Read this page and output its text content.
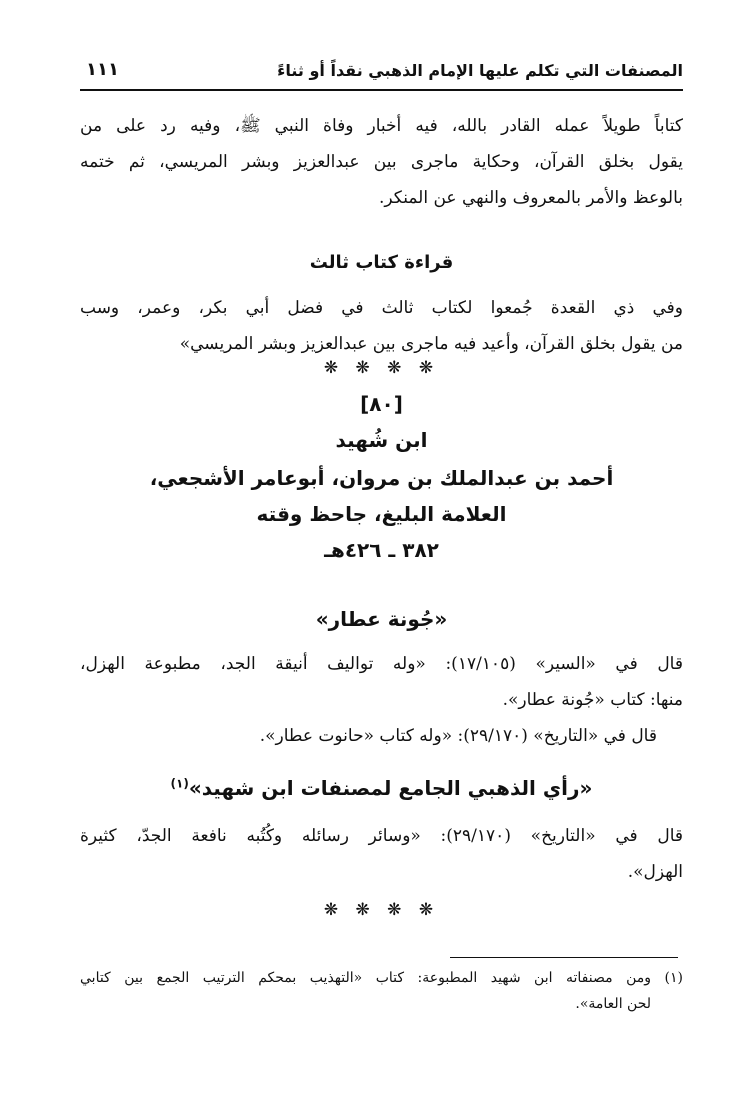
المصنفات التي تكلم عليها الإمام الذهبي نقداً أو ثناءً
١١١
كتاباً طويلاً عمله القادر بالله، فيه أخبار وفاة النبي ﷺ، وفيه رد على من
يقول بخلق القرآن، وحكاية ماجرى بين عبدالعزيز وبشر المريسي، ثم ختمه
بالوعظ والأمر بالمعروف والنهي عن المنكر.
قراءة كتاب ثالث
وفي ذي القعدة جُمعوا لكتاب ثالث في فضل أبي بكر، وعمر، وسب
من يقول بخلق القرآن، وأعيد فيه ماجرى بين عبدالعزيز وبشر المريسي»
❋ ❋ ❋ ❋
[٨٠]
ابن شُهيد
أحمد بن عبدالملك بن مروان، أبوعامر الأشجعي،
العلامة البليغ، جاحظ وقته
٣٨٢ ـ ٤٢٦هـ
«جُونة عطار»
قال في «السير» (١٧/١٠٥): «وله تواليف أنيقة الجد، مطبوعة الهزل،
منها: كتاب «جُونة عطار».
قال في «التاريخ» (٢٩/١٧٠): «وله كتاب «حانوت عطار».
«رأي الذهبي الجامع لمصنفات ابن شهيد»$^{(١)}$
قال في «التاريخ» (٢٩/١٧٠): «وسائر رسائله وكُتُبه نافعة الجدّ، كثيرة
الهزل».
❋ ❋ ❋ ❋
(١) ومن مصنفاته ابن شهيد المطبوعة: كتاب «التهذيب بمحكم الترتيب الجمع بين كتابي
لحن العامة».
